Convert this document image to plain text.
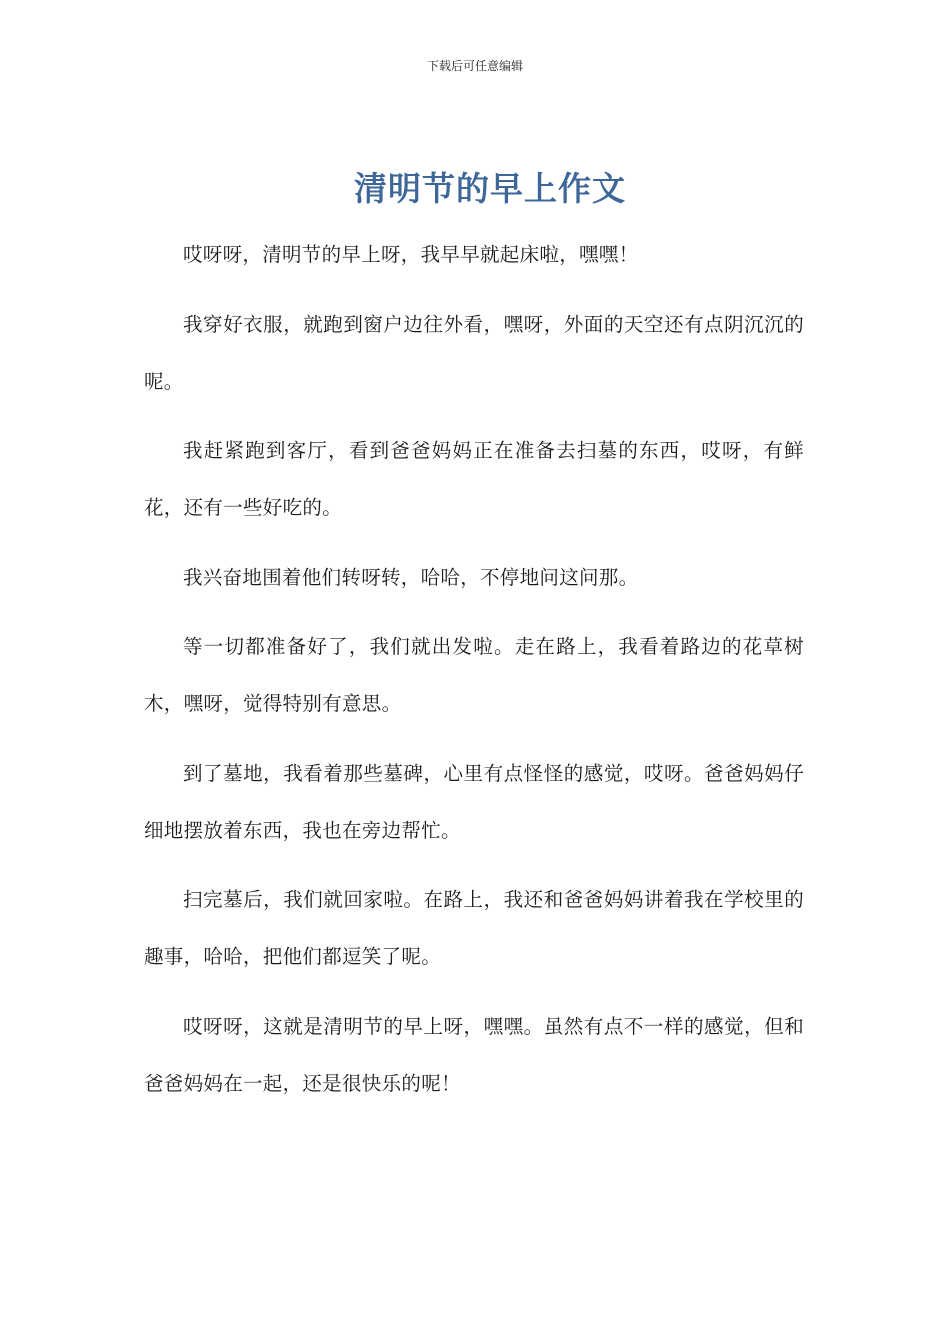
下载后可任意编辑
清明节的早上作文

哎呀呀，清明节的早上呀，我早早就起床啦，嘿嘿！

我穿好衣服，就跑到窗户边往外看，嘿呀，外面的天空还有点阴沉沉的呢。

我赶紧跑到客厅，看到爸爸妈妈正在准备去扫墓的东西，哎呀，有鲜花，还有一些好吃的。

我兴奋地围着他们转呀转，哈哈，不停地问这问那。

等一切都准备好了，我们就出发啦。走在路上，我看着路边的花草树木，嘿呀，觉得特别有意思。

到了墓地，我看着那些墓碑，心里有点怪怪的感觉，哎呀。爸爸妈妈仔细地摆放着东西，我也在旁边帮忙。

扫完墓后，我们就回家啦。在路上，我还和爸爸妈妈讲着我在学校里的趣事，哈哈，把他们都逗笑了呢。

哎呀呀，这就是清明节的早上呀，嘿嘿。虽然有点不一样的感觉，但和爸爸妈妈在一起，还是很快乐的呢！
